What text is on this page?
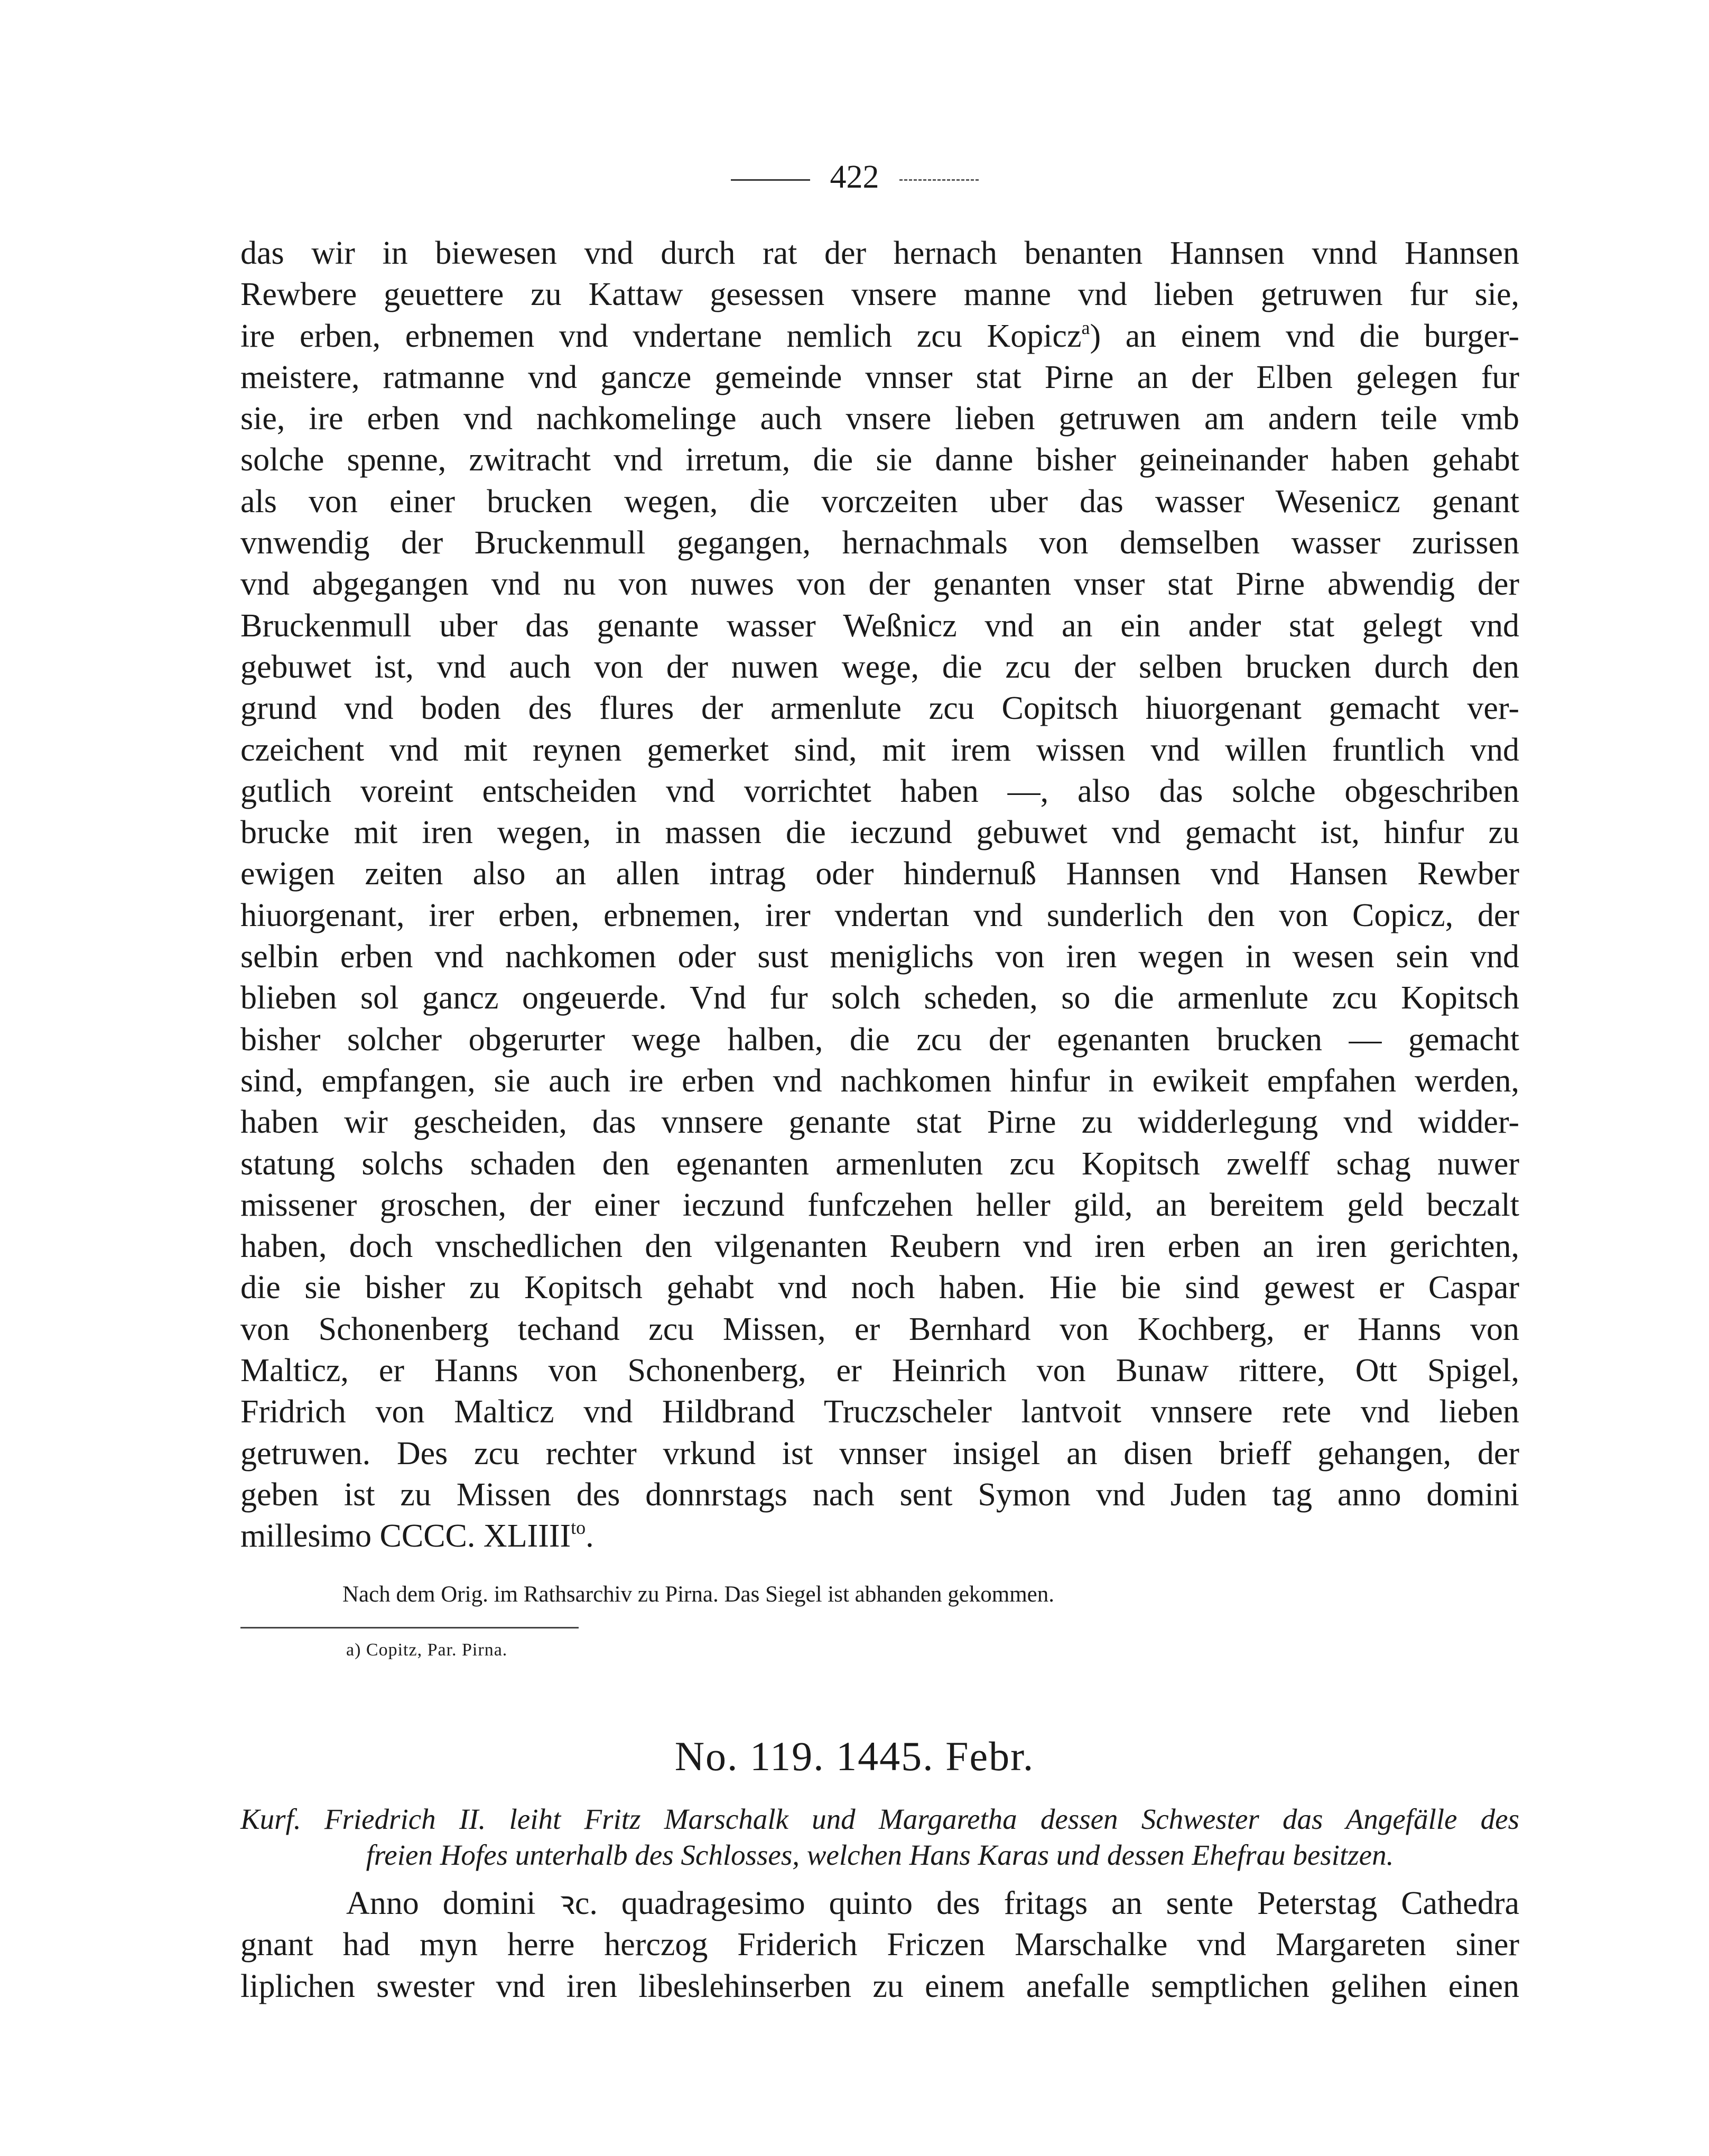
422
das wir in biewesen vnd durch rat der hernach benanten Hannsen vnnd Hannsen
Rewbere geuettere zu Kattaw gesessen vnsere manne vnd lieben getruwen fur sie,
ire erben, erbnemen vnd vndertane nemlich zcu Kopicz$^a$) an einem vnd die burger-
meistere, ratmanne vnd gancze gemeinde vnnser stat Pirne an der Elben gelegen fur
sie, ire erben vnd nachkomelinge auch vnsere lieben getruwen am andern teile vmb
solche spenne, zwitracht vnd irretum, die sie danne bisher geineinander haben gehabt
als von einer brucken wegen, die vorczeiten uber das wasser Wesenicz genant
vnwendig der Bruckenmull gegangen, hernachmals von demselben wasser zurissen
vnd abgegangen vnd nu von nuwes von der genanten vnser stat Pirne abwendig der
Bruckenmull uber das genante wasser Weßnicz vnd an ein ander stat gelegt vnd
gebuwet ist, vnd auch von der nuwen wege, die zcu der selben brucken durch den
grund vnd boden des flures der armenlute zcu Copitsch hiuorgenant gemacht ver-
czeichent vnd mit reynen gemerket sind, mit irem wissen vnd willen fruntlich vnd
gutlich voreint entscheiden vnd vorrichtet haben —, also das solche obgeschriben
brucke mit iren wegen, in massen die ieczund gebuwet vnd gemacht ist, hinfur zu
ewigen zeiten also an allen intrag oder hindernuß Hannsen vnd Hansen Rewber
hiuorgenant, irer erben, erbnemen, irer vndertan vnd sunderlich den von Copicz, der
selbin erben vnd nachkomen oder sust meniglichs von iren wegen in wesen sein vnd
blieben sol gancz ongeuerde. Vnd fur solch scheden, so die armenlute zcu Kopitsch
bisher solcher obgerurter wege halben, die zcu der egenanten brucken — gemacht
sind, empfangen, sie auch ire erben vnd nachkomen hinfur in ewikeit empfahen werden,
haben wir gescheiden, das vnnsere genante stat Pirne zu widderlegung vnd widder-
statung solchs schaden den egenanten armenluten zcu Kopitsch zwelff schag nuwer
missener groschen, der einer ieczund funfczehen heller gild, an bereitem geld beczalt
haben, doch vnschedlichen den vilgenanten Reubern vnd iren erben an iren gerichten,
die sie bisher zu Kopitsch gehabt vnd noch haben. Hie bie sind gewest er Caspar
von Schonenberg techand zcu Missen, er Bernhard von Kochberg, er Hanns von
Malticz, er Hanns von Schonenberg, er Heinrich von Bunaw rittere, Ott Spigel,
Fridrich von Malticz vnd Hildbrand Truczscheler lantvoit vnnsere rete vnd lieben
getruwen. Des zcu rechter vrkund ist vnnser insigel an disen brieff gehangen, der
geben ist zu Missen des donnrstags nach sent Symon vnd Juden tag anno domini
millesimo CCCC. $XLIIII^{to}$.
Nach dem Orig. im Rathsarchiv zu Pirna. Das Siegel ist abhanden gekommen.
a) Copitz, Par. Pirna.
No. 119. 1445. Febr.
Kurf. Friedrich II. leiht Fritz Marschalk und Margaretha dessen Schwester das Angefälle des
freien Hofes unterhalb des Schlosses, welchen Hans Karas und dessen Ehefrau besitzen.
Anno domini ꝛc. quadragesimo quinto des fritags an sente Peterstag Cathedra
gnant had myn herre herczog Friderich Friczen Marschalke vnd Margareten siner
liplichen swester vnd iren libeslehinserben zu einem anefalle semptlichen gelihen einen
